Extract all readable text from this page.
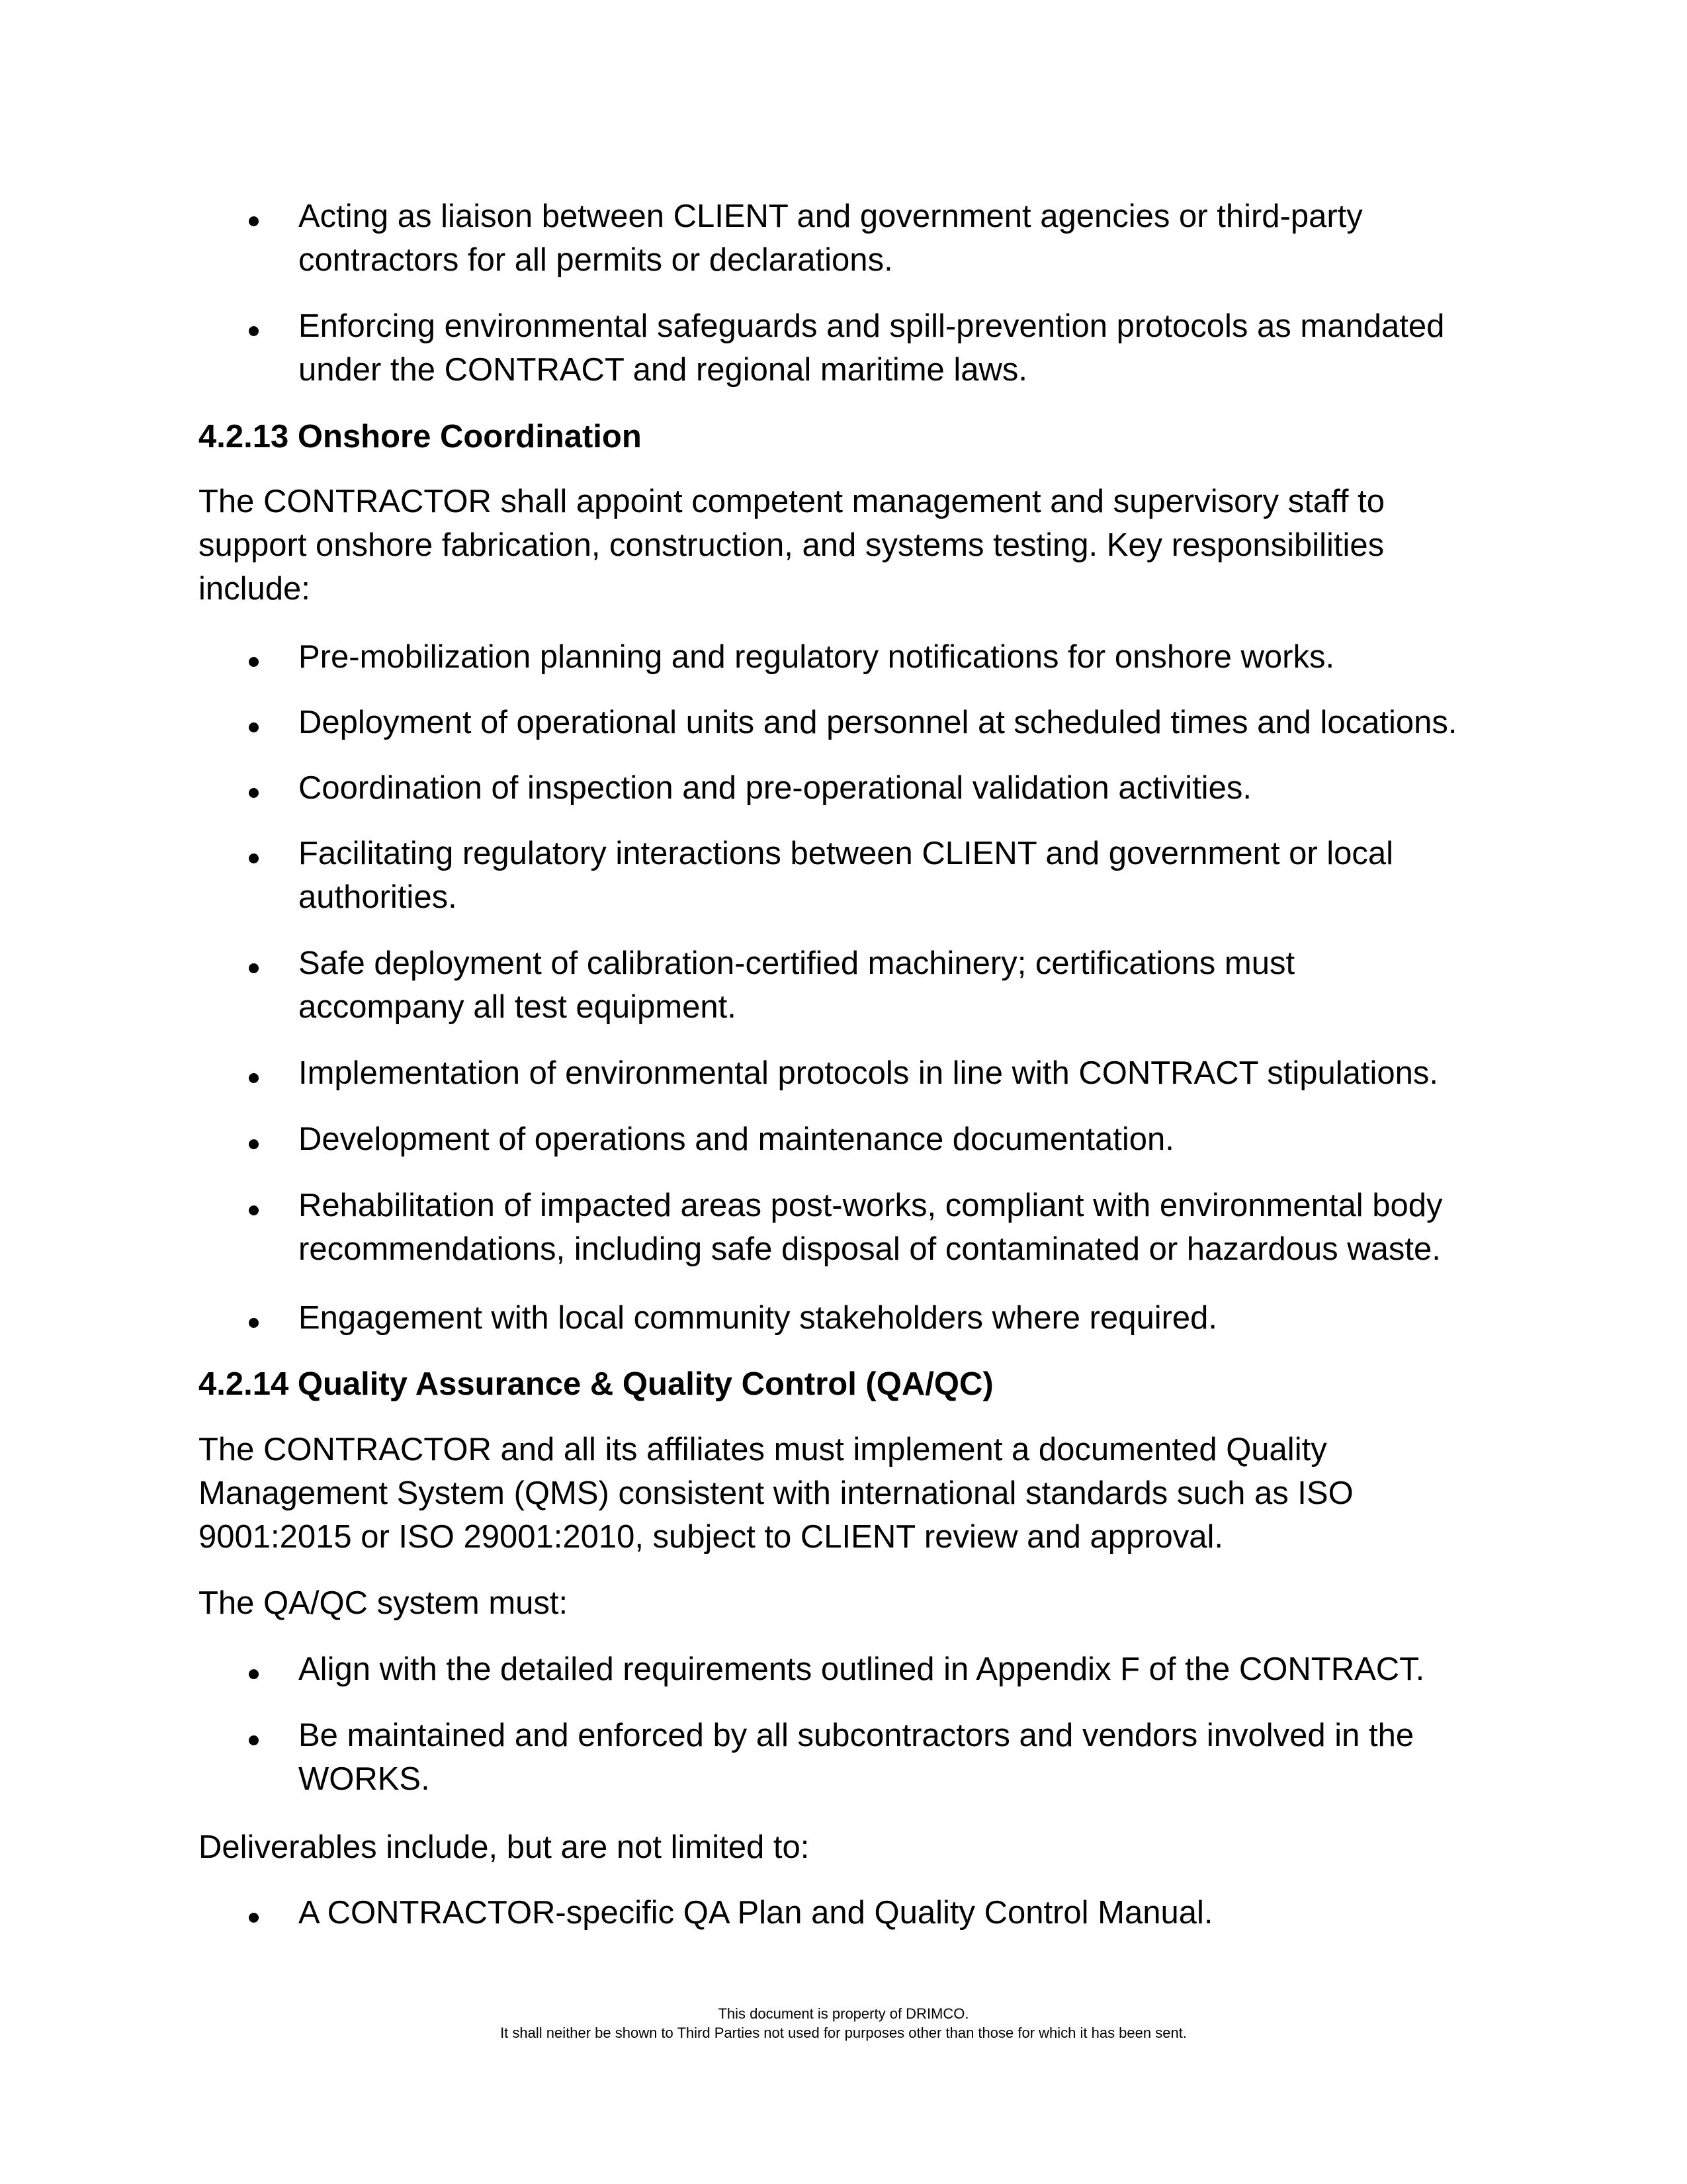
Acting as liaison between CLIENT and government agencies or third-party
contractors for all permits or declarations.
Enforcing environmental safeguards and spill-prevention protocols as mandated
under the CONTRACT and regional maritime laws.
4.2.13 Onshore Coordination
The CONTRACTOR shall appoint competent management and supervisory staff to
support onshore fabrication, construction, and systems testing. Key responsibilities
include:
Pre-mobilization planning and regulatory notifications for onshore works.
Deployment of operational units and personnel at scheduled times and locations.
Coordination of inspection and pre-operational validation activities.
Facilitating regulatory interactions between CLIENT and government or local
authorities.
Safe deployment of calibration-certified machinery; certifications must
accompany all test equipment.
Implementation of environmental protocols in line with CONTRACT stipulations.
Development of operations and maintenance documentation.
Rehabilitation of impacted areas post-works, compliant with environmental body
recommendations, including safe disposal of contaminated or hazardous waste.
Engagement with local community stakeholders where required.
4.2.14 Quality Assurance & Quality Control (QA/QC)
The CONTRACTOR and all its affiliates must implement a documented Quality
Management System (QMS) consistent with international standards such as ISO
9001:2015 or ISO 29001:2010, subject to CLIENT review and approval.
The QA/QC system must:
Align with the detailed requirements outlined in Appendix F of the CONTRACT.
Be maintained and enforced by all subcontractors and vendors involved in the
WORKS.
Deliverables include, but are not limited to:
A CONTRACTOR-specific QA Plan and Quality Control Manual.
This document is property of DRIMCO.
It shall neither be shown to Third Parties not used for purposes other than those for which it has been sent.
